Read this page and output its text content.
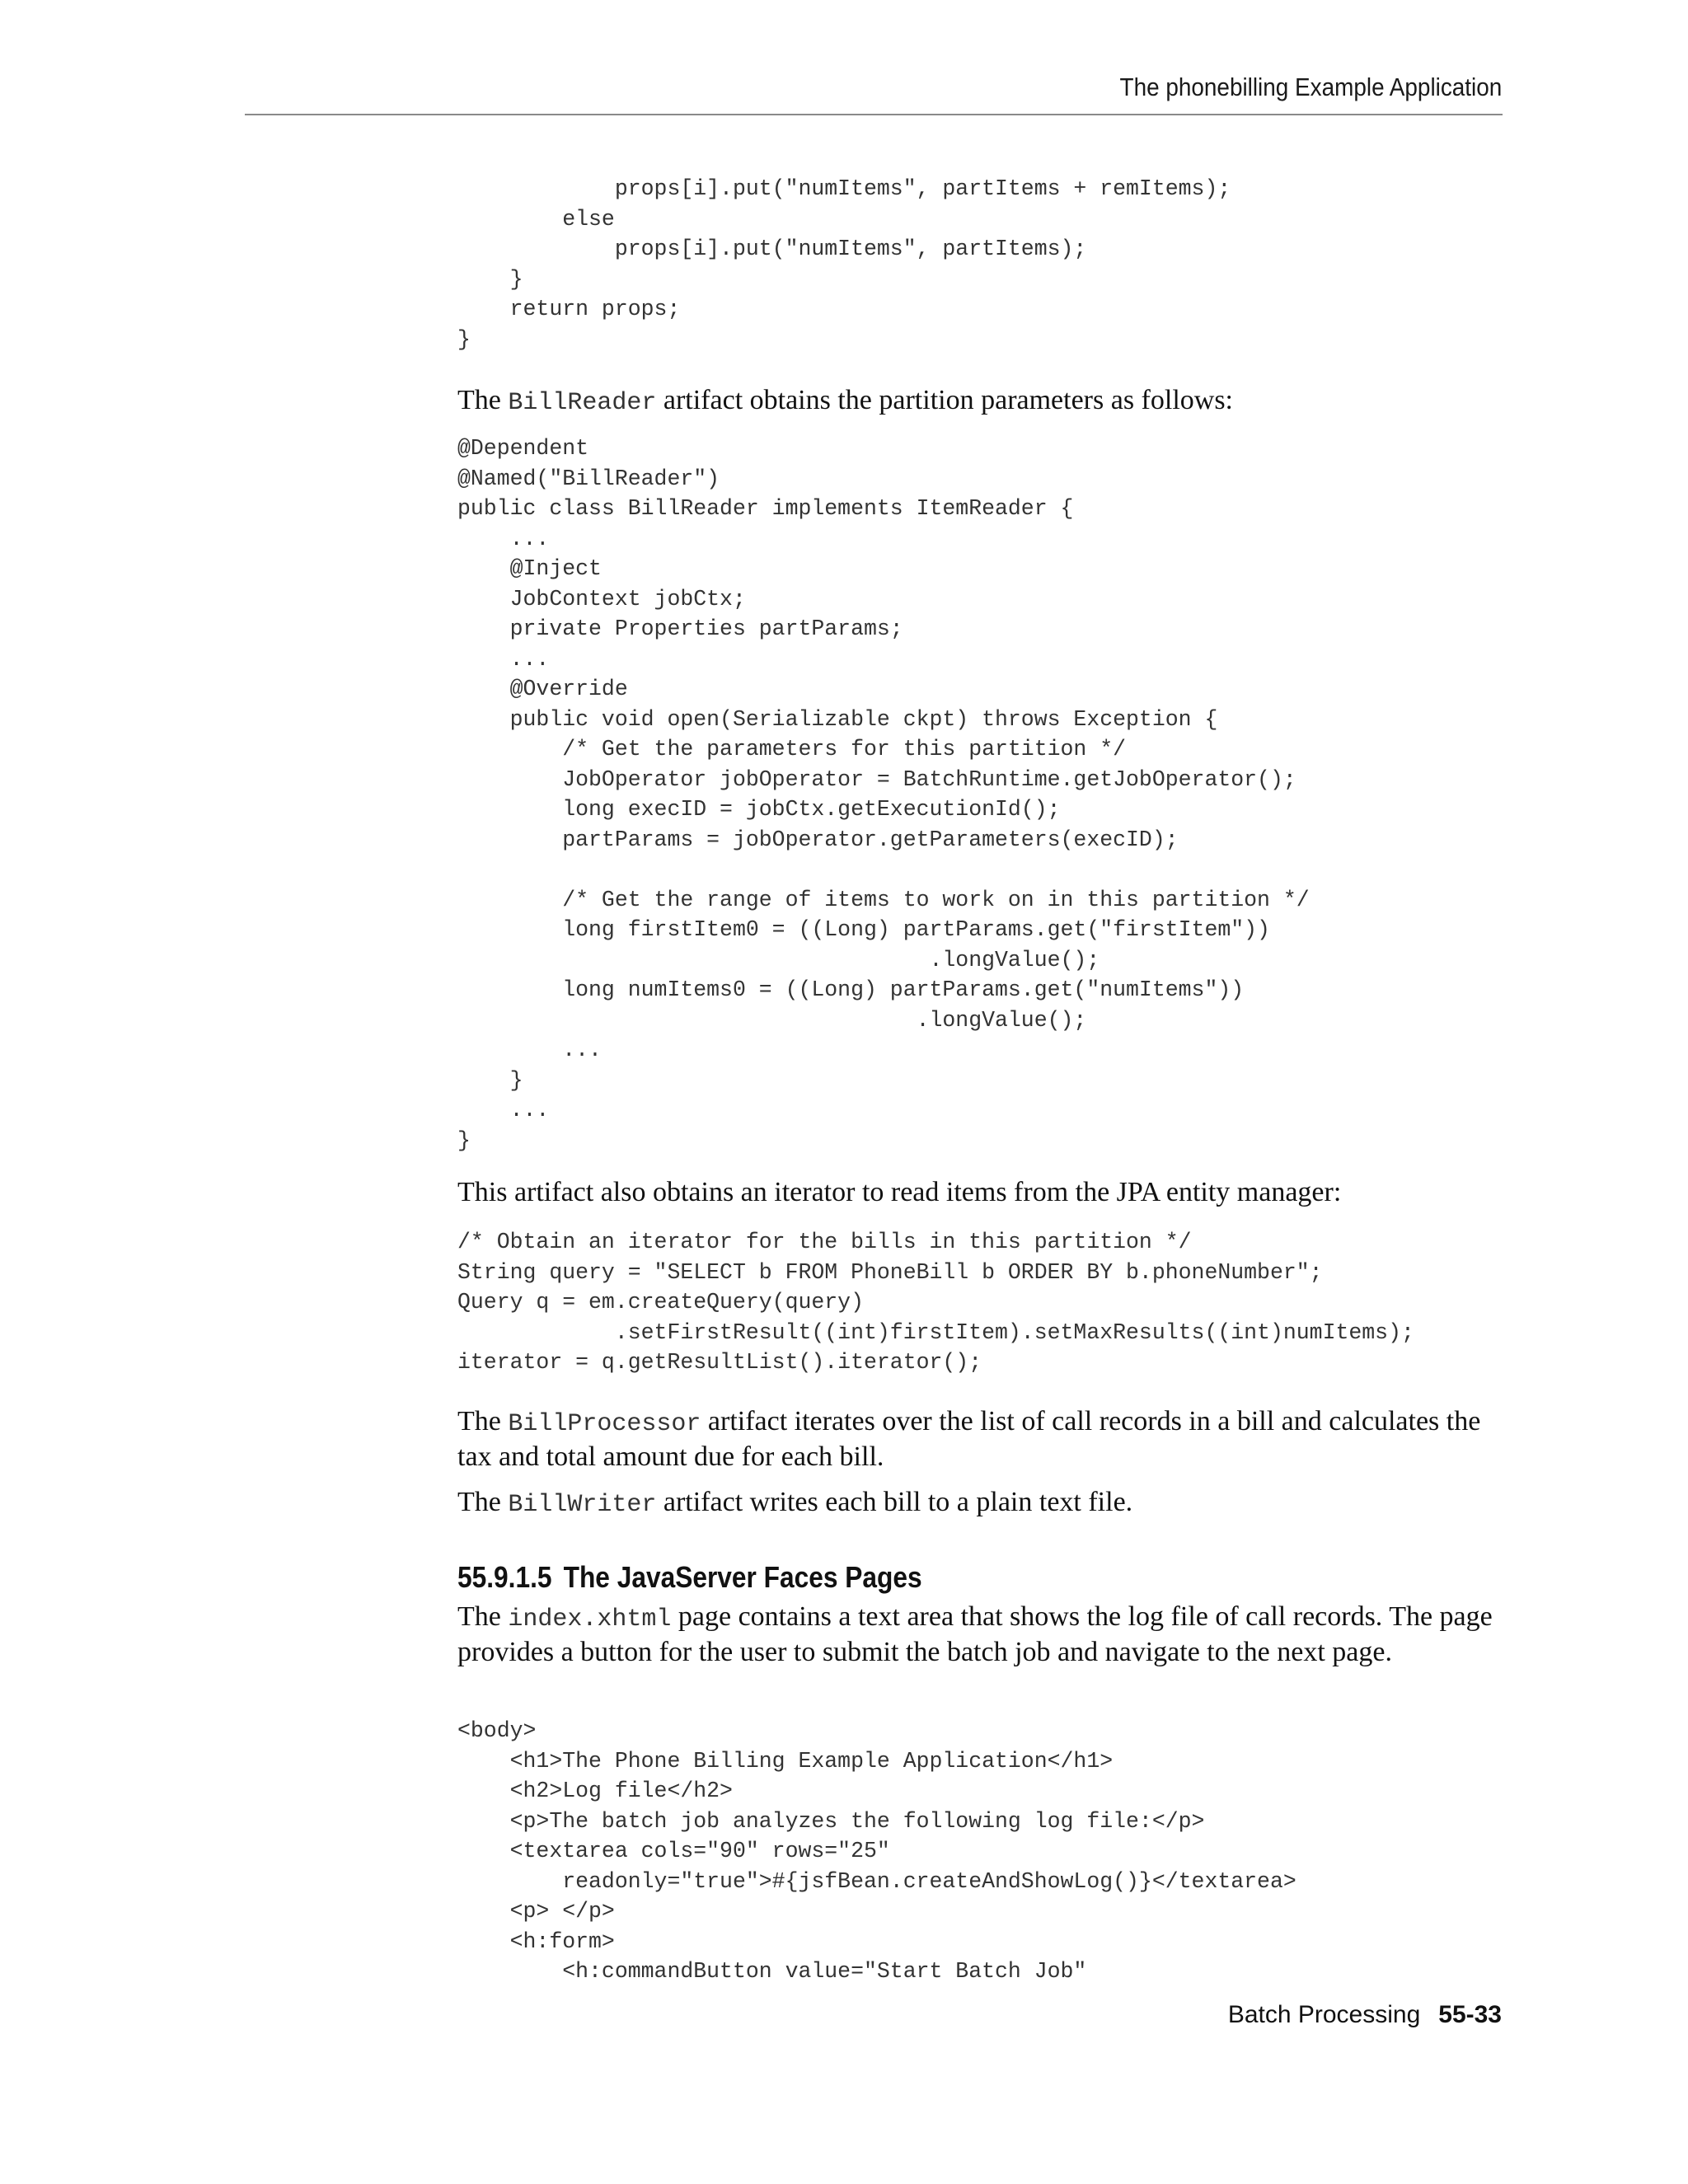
The phonebilling Example Application
props[i].put("numItems", partItems + remItems);
else
props[i].put("numItems", partItems);
}
return props;
}

The BillReader artifact obtains the partition parameters as follows:

@Dependent
@Named("BillReader")
public class BillReader implements ItemReader {
...
@Inject
JobContext jobCtx;
private Properties partParams;
...
@Override
public void open(Serializable ckpt) throws Exception {
/* Get the parameters for this partition */
JobOperator jobOperator = BatchRuntime.getJobOperator();
long execID = jobCtx.getExecutionId();
partParams = jobOperator.getParameters(execID);

/* Get the range of items to work on in this partition */
long firstItem0 = ((Long) partParams.get("firstItem"))
.longValue();
long numItems0 = ((Long) partParams.get("numItems"))
.longValue();
...
}
...
}

This artifact also obtains an iterator to read items from the JPA entity manager:

/* Obtain an iterator for the bills in this partition */
String query = "SELECT b FROM PhoneBill b ORDER BY b.phoneNumber";
Query q = em.createQuery(query)
.setFirstResult((int)firstItem).setMaxResults((int)numItems);
iterator = q.getResultList().iterator();

The BillProcessor artifact iterates over the list of call records in a bill and calculates the tax and total amount due for each bill.

The BillWriter artifact writes each bill to a plain text file.

55.9.1.5 The JavaServer Faces Pages

The index.xhtml page contains a text area that shows the log file of call records. The page provides a button for the user to submit the batch job and navigate to the next page.

<body>
<h1>The Phone Billing Example Application</h1>
<h2>Log file</h2>
<p>The batch job analyzes the following log file:</p>
<textarea cols="90" rows="25"
readonly="true">#{jsfBean.createAndShowLog()}</textarea>
<p> </p>
<h:form>
<h:commandButton value="Start Batch Job"
Batch Processing 55-33
